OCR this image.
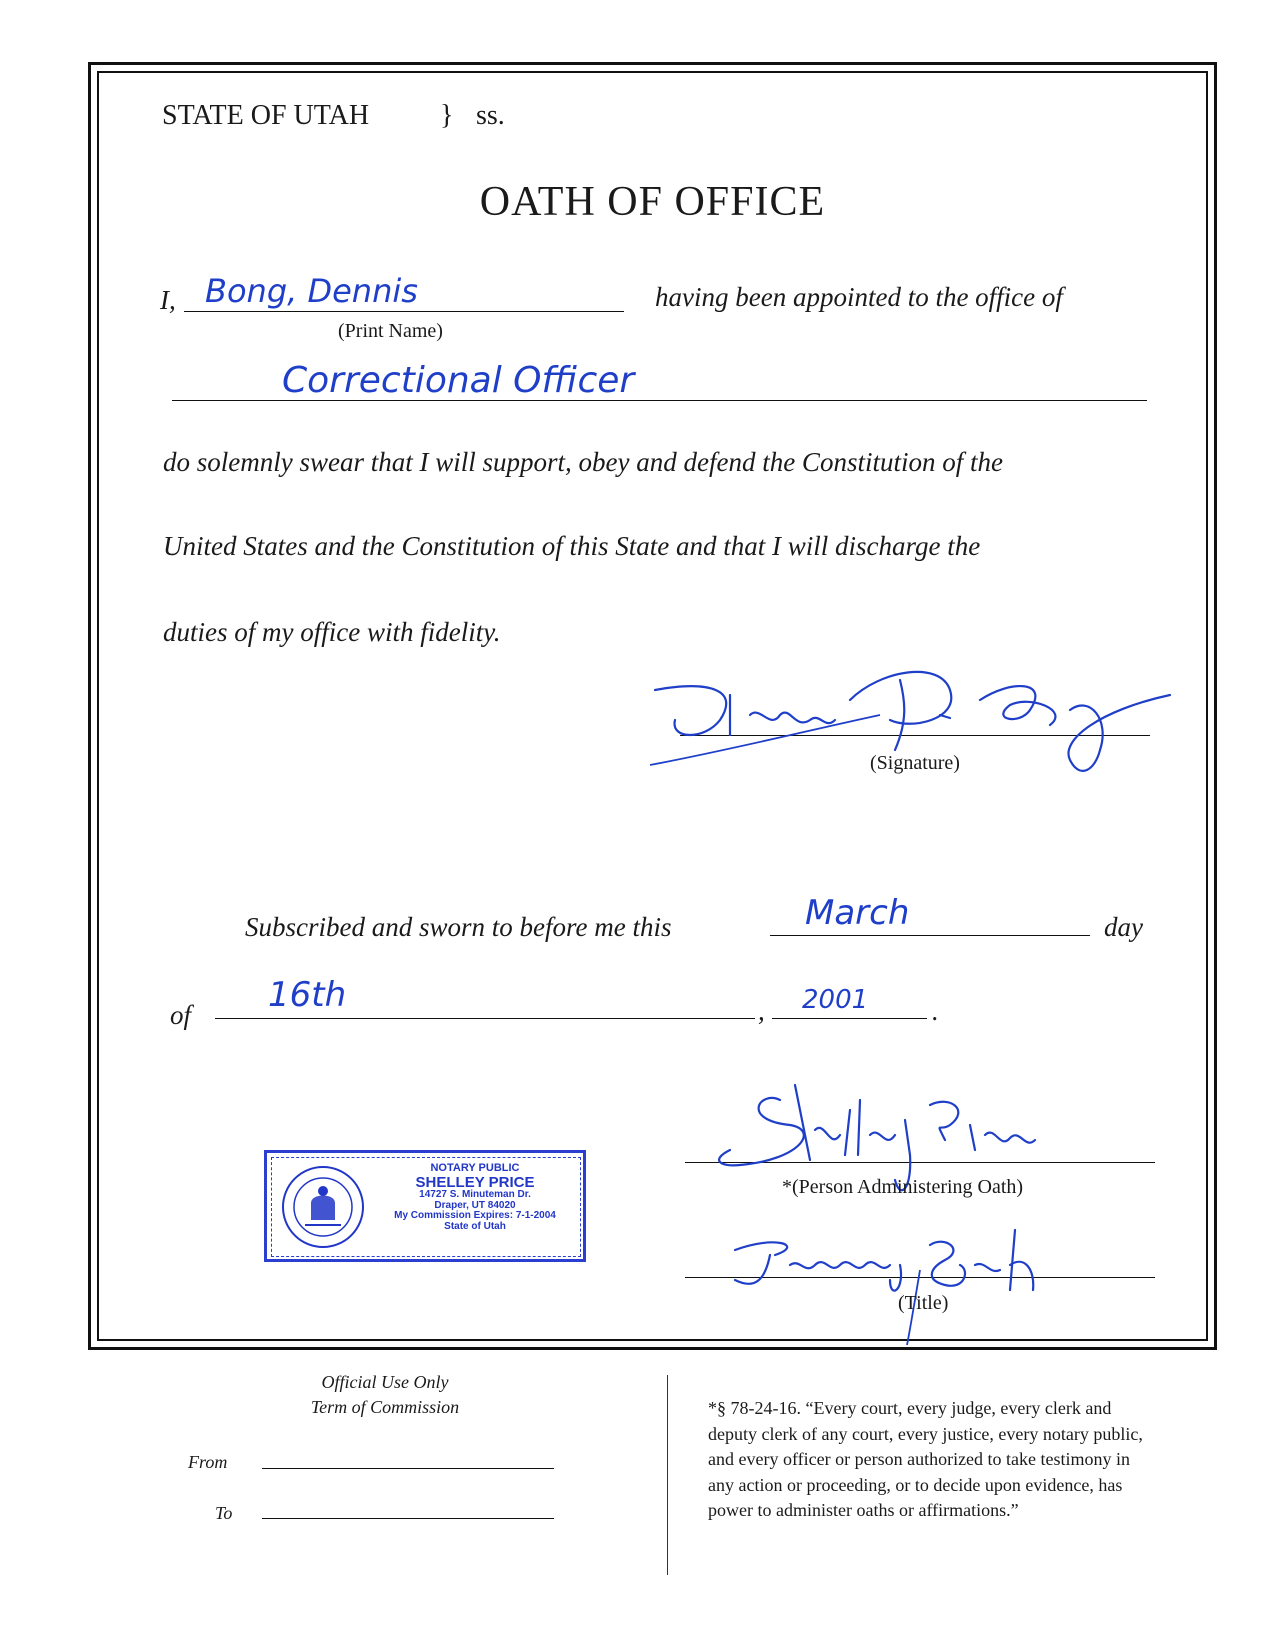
STATE OF UTAH	} ss.
OATH OF OFFICE
I, Bong, Dennis
(Print Name)
having been appointed to the office of
Correctional Officer
do solemnly swear that I will support, obey and defend the Constitution of the
United States and the Constitution of this State and that I will discharge the
duties of my office with fidelity.
(Signature)
Subscribed and sworn to before me this	March	day
of 16th	, 2001 .
*(Person Administering Oath)
(Title)
NOTARY PUBLIC
SHELLEY PRICE
14727 S. Minuteman Dr.
Draper, UT 84020
My Commission Expires: 7-1-2004
State of Utah
Official Use Only
Term of Commission
From
To
*§ 78-24-16. “Every court, every judge, every clerk and
deputy clerk of any court, every justice, every notary public,
and every officer or person authorized to take testimony in
any action or proceeding, or to decide upon evidence, has
power to administer oaths or affirmations.”
